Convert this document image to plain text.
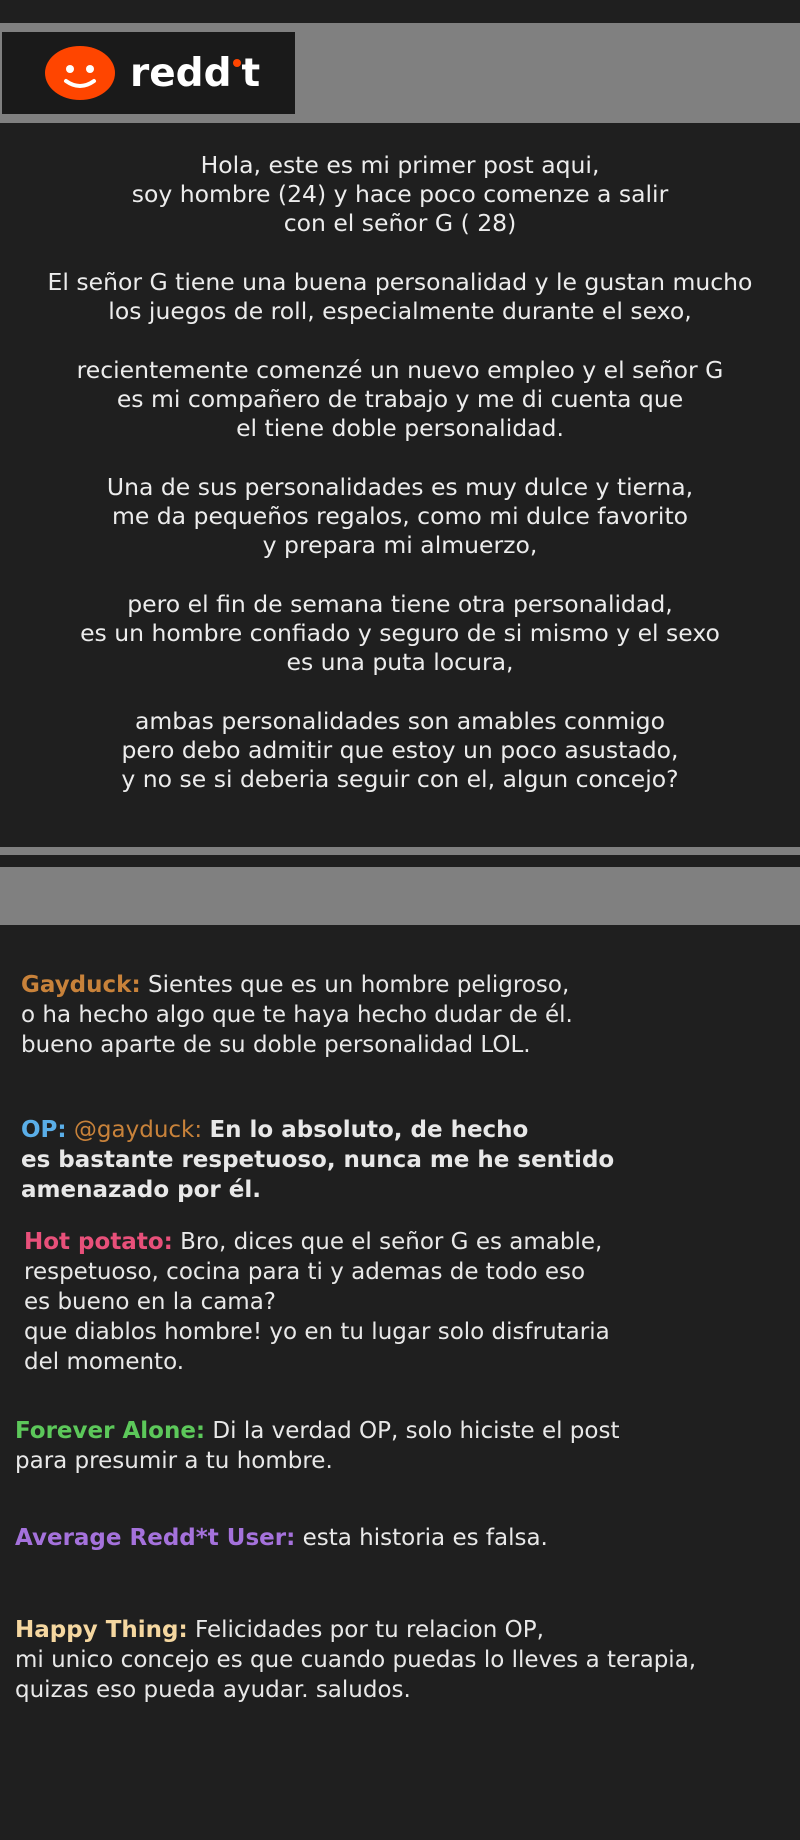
redd t

Hola, este es mi primer post aqui,
soy hombre (24) y hace poco comenze a salir
con el señor G ( 28)

El señor G tiene una buena personalidad y le gustan mucho
los juegos de roll, especialmente durante el sexo,

recientemente comenzé un nuevo empleo y el señor G
es mi compañero de trabajo y me di cuenta que
el tiene doble personalidad.

Una de sus personalidades es muy dulce y tierna,
me da pequeños regalos, como mi dulce favorito
y prepara mi almuerzo,

pero el fin de semana tiene otra personalidad,
es un hombre confiado y seguro de si mismo y el sexo
es una puta locura,

ambas personalidades son amables conmigo
pero debo admitir que estoy un poco asustado,
y no se si deberia seguir con el, algun concejo?

Gayduck: Sientes que es un hombre peligroso,
o ha hecho algo que te haya hecho dudar de él.
bueno aparte de su doble personalidad LOL.
OP: @gayduck: En lo absoluto, de hecho
es bastante respetuoso, nunca me he sentido
amenazado por él.
Hot potato: Bro, dices que el señor G es amable,
respetuoso, cocina para ti y ademas de todo eso
es bueno en la cama?
que diablos hombre! yo en tu lugar solo disfrutaria
del momento.
Forever Alone: Di la verdad OP, solo hiciste el post
para presumir a tu hombre.
Average Redd*t User: esta historia es falsa.
Happy Thing: Felicidades por tu relacion OP,
mi unico concejo es que cuando puedas lo lleves a terapia,
quizas eso pueda ayudar. saludos.
